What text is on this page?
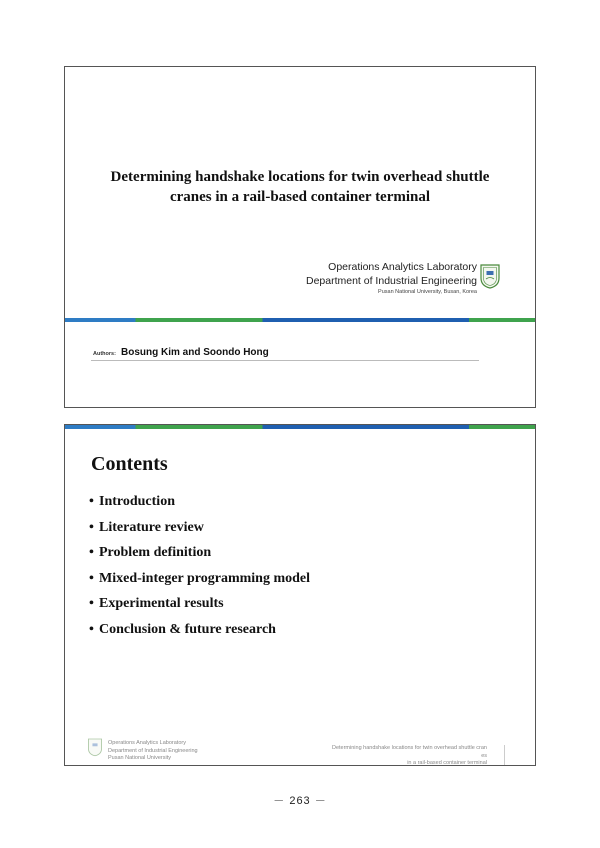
Determining handshake locations for twin overhead shuttle
cranes in a rail-based container terminal
Operations Analytics Laboratory
Department of Industrial Engineering
Pusan National University, Busan, Korea
Authors: Bosung Kim and Soondo Hong
Contents
• Introduction
• Literature review
• Problem definition
• Mixed-integer programming model
• Experimental results
• Conclusion & future research
Operations Analytics Laboratory
Department of Industrial Engineering
Pusan National University
Determining handshake locations for twin overhead shuttle cran
es
in a rail-based container terminal
－ 263 －
